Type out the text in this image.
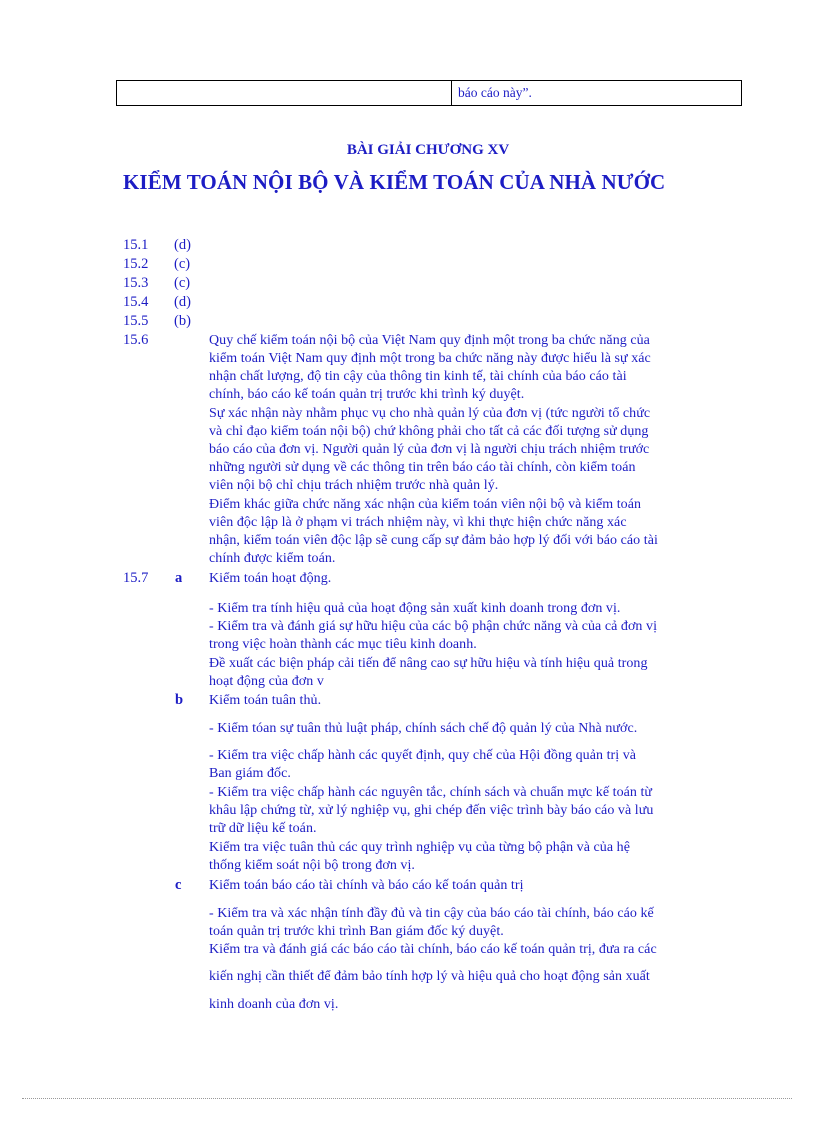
báo cáo này”.
BÀI GIẢI CHƯƠNG XV
KIỂM TOÁN NỘI BỘ VÀ KIỂM TOÁN CỦA NHÀ NƯỚC
15.1 (d)
15.2 (c)
15.3 (c)
15.4 (d)
15.5 (b)
15.6	Quy chế kiểm toán nội bộ của Việt Nam quy định một trong ba chức năng của
kiểm toán Việt Nam quy định một trong ba chức năng này được hiểu là sự xác
nhận chất lượng, độ tin cậy của thông tin kinh tế, tài chính của báo cáo tài
chính, báo cáo kế toán quản trị trước khi trình ký duyệt.
Sự xác nhận này nhằm phục vụ cho nhà quản lý của đơn vị (tức người tổ chức
và chỉ đạo kiểm toán nội bộ) chứ không phải cho tất cả các đối tượng sử dụng
báo cáo của đơn vị. Người quản lý của đơn vị là người chịu trách nhiệm trước
những người sử dụng về các thông tin trên báo cáo tài chính, còn kiểm toán
viên nội bộ chỉ chịu trách nhiệm trước nhà quản lý.
Điểm khác giữa chức năng xác nhận của kiểm toán viên nội bộ và kiểm toán
viên độc lập là ở phạm vi trách nhiệm này, vì khi thực hiện chức năng xác
nhận, kiểm toán viên độc lập sẽ cung cấp sự đảm bảo hợp lý đối với báo cáo tài
chính được kiểm toán.
15.7 a Kiểm toán hoạt động.
- Kiểm tra tính hiệu quả của hoạt động sản xuất kinh doanh trong đơn vị.
- Kiểm tra và đánh giá sự hữu hiệu của các bộ phận chức năng và của cả đơn vị
trong việc hoàn thành các mục tiêu kinh doanh.
Đề xuất các biện pháp cải tiến để nâng cao sự hữu hiệu và tính hiệu quả trong
hoạt động của đơn v
b Kiểm toán tuân thủ.
- Kiểm tóan sự tuân thủ luật pháp, chính sách chế độ quản lý của Nhà nước.
- Kiểm tra việc chấp hành các quyết định, quy chế của Hội đồng quản trị và
Ban giám đốc.
- Kiểm tra việc chấp hành các nguyên tắc, chính sách và chuẩn mực kế toán từ
khâu lập chứng từ, xử lý nghiệp vụ, ghi chép đến việc trình bày báo cáo và lưu
trữ dữ liệu kế toán.
Kiểm tra việc tuân thủ các quy trình nghiệp vụ của từng bộ phận và của hệ
thống kiểm soát nội bộ trong đơn vị.
c Kiểm toán báo cáo tài chính và báo cáo kế toán quản trị
- Kiểm tra và xác nhận tính đầy đủ và tin cậy của báo cáo tài chính, báo cáo kế
toán quản trị trước khi trình Ban giám đốc ký duyệt.
Kiểm tra và đánh giá các báo cáo tài chính, báo cáo kế toán quản trị, đưa ra các
kiến nghị cần thiết để đảm bảo tính hợp lý và hiệu quả cho hoạt động sản xuất
kinh doanh của đơn vị.
